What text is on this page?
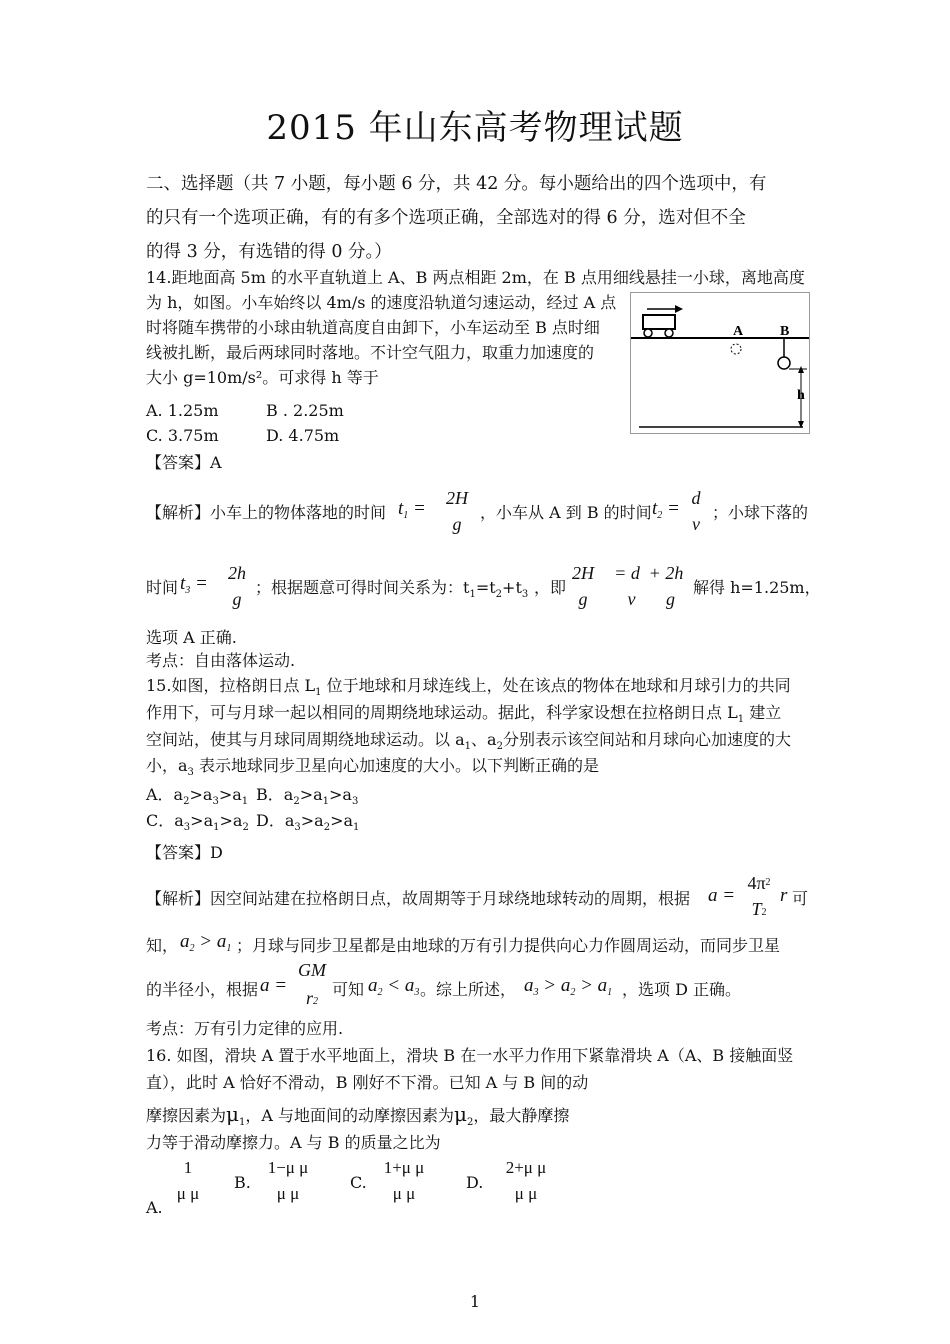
2015 年山东高考物理试题
二、选择题（共 7 小题，每小题 6 分，共 42 分。每小题给出的四个选项中，有
的只有一个选项正确，有的有多个选项正确，全部选对的得 6 分，选对但不全
的得 3 分，有选错的得 0 分。）
14.距地面高 5m 的水平直轨道上 A、B 两点相距 2m，在 B 点用细线悬挂一小球，离地高度
为 h，如图。小车始终以 4m/s 的速度沿轨道匀速运动，经过 A 点
时将随车携带的小球由轨道高度自由卸下，小车运动至 B 点时细
线被扎断，最后两球同时落地。不计空气阻力，取重力加速度的
大小 g=10m/s²。可求得 h 等于
A. 1.25m	B . 2.25m
C. 3.75m	D. 4.75m
【答案】A
A	B
h
【解析】小车上的物体落地的时间 $t_1$ =	2H
g
，小车从 A 到 B 的时间 $t_2 = d$
v
；小球下落的
时间 $t_3$ =	2h
g
；根据题意可得时间关系为：$t_1=t_2+t_3$ ，即
2H
g
= d
v
+ 2h
g
解得 h=1.25m，
选项 A 正确.
考点：自由落体运动.
15.如图，拉格朗日点 $L_1$ 位于地球和月球连线上，处在该点的物体在地球和月球引力的共同
作用下，可与月球一起以相同的周期绕地球运动。据此，科学家设想在拉格朗日点 $L_1$ 建立
空间站，使其与月球同周期绕地球运动。以 $a_1$、$a_2$分别表示该空间站和月球向心加速度的大
小，$a_3$ 表示地球同步卫星向心加速度的大小。以下判断正确的是
A．$a_2>a_3>a_1$ B．$a_2>a_1>a_3$
C．$a_3>a_1>a_2$ D．$a_3>a_2>a_1$
【答案】D
【解析】因空间站建在拉格朗日点，故周期等于月球绕地球转动的周期，根据 a =
$4\pi^2$
T2
r 可
知， $a_2 > a_1$ ；月球与同步卫星都是由地球的万有引力提供向心力作圆周运动，而同步卫星
的半径小，根据 a =
GM
r2
可知 $a_2 < a_3$ 。综上所述， $a_3 > a_2 > a_1$ ，选项 D 正确。
考点：万有引力定律的应用.
16. 如图，滑块 A 置于水平地面上，滑块 B 在一水平力作用下紧靠滑块 A（A、B 接触面竖
直），此时 A 恰好不滑动，B 刚好不下滑。已知 A 与 B 间的动
摩擦因素为$\mu_1$，A 与地面间的动摩擦因素为$\mu_2$，最大静摩擦
力等于滑动摩擦力。A 与 B 的质量之比为
A.
1
μ μ
B.
1−μ μ
μ μ
C.
1+μ μ
μ μ
D.
2+μ μ
μ μ
1
